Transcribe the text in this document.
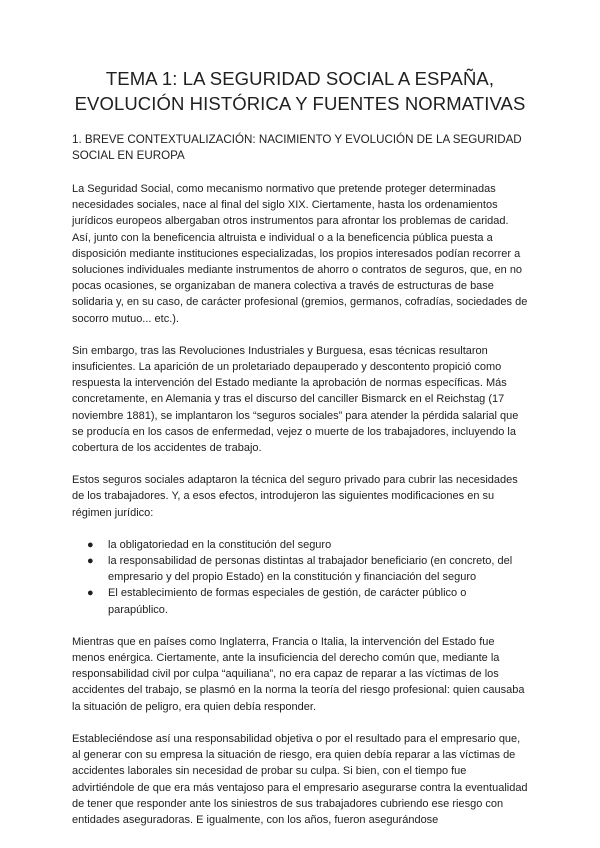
TEMA 1: LA SEGURIDAD SOCIAL A ESPAÑA,
EVOLUCIÓN HISTÓRICA Y FUENTES NORMATIVAS
1. BREVE CONTEXTUALIZACIÓN: NACIMIENTO Y EVOLUCIÓN DE LA SEGURIDAD SOCIAL EN EUROPA

La Seguridad Social, como mecanismo normativo que pretende proteger determinadas necesidades sociales, nace al final del siglo XIX. Ciertamente, hasta los ordenamientos jurídicos europeos albergaban otros instrumentos para afrontar los problemas de caridad. Así, junto con la beneficencia altruista e individual o a la beneficencia pública puesta a disposición mediante instituciones especializadas, los propios interesados podían recorrer a soluciones individuales mediante instrumentos de ahorro o contratos de seguros, que, en no pocas ocasiones, se organizaban de manera colectiva a través de estructuras de base solidaria y, en su caso, de carácter profesional (gremios, germanos, cofradías, sociedades de socorro mutuo... etc.).

Sin embargo, tras las Revoluciones Industriales y Burguesa, esas técnicas resultaron insuficientes. La aparición de un proletariado depauperado y descontento propició como respuesta la intervención del Estado mediante la aprobación de normas específicas. Más concretamente, en Alemania y tras el discurso del canciller Bismarck en el Reichstag (17 noviembre 1881), se implantaron los “seguros sociales” para atender la pérdida salarial que se producía en los casos de enfermedad, vejez o muerte de los trabajadores, incluyendo la cobertura de los accidentes de trabajo.

Estos seguros sociales adaptaron la técnica del seguro privado para cubrir las necesidades de los trabajadores. Y, a esos efectos, introdujeron las siguientes modificaciones en su régimen jurídico:

● la obligatoriedad en la constitución del seguro
● la responsabilidad de personas distintas al trabajador beneficiario (en concreto, del empresario y del propio Estado) en la constitución y financiación del seguro
● El establecimiento de formas especiales de gestión, de carácter público o parapúblico.

Mientras que en países como Inglaterra, Francia o Italia, la intervención del Estado fue menos enérgica. Ciertamente, ante la insuficiencia del derecho común que, mediante la responsabilidad civil por culpa “aquiliana”, no era capaz de reparar a las víctimas de los accidentes del trabajo, se plasmó en la norma la teoría del riesgo profesional: quien causaba la situación de peligro, era quien debía responder.

Estableciéndose así una responsabilidad objetiva o por el resultado para el empresario que, al generar con su empresa la situación de riesgo, era quien debía reparar a las víctimas de accidentes laborales sin necesidad de probar su culpa. Si bien, con el tiempo fue advirtiéndole de que era más ventajoso para el empresario asegurarse contra la eventualidad de tener que responder ante los siniestros de sus trabajadores cubriendo ese riesgo con entidades aseguradoras. E igualmente, con los años, fueron asegurándose
